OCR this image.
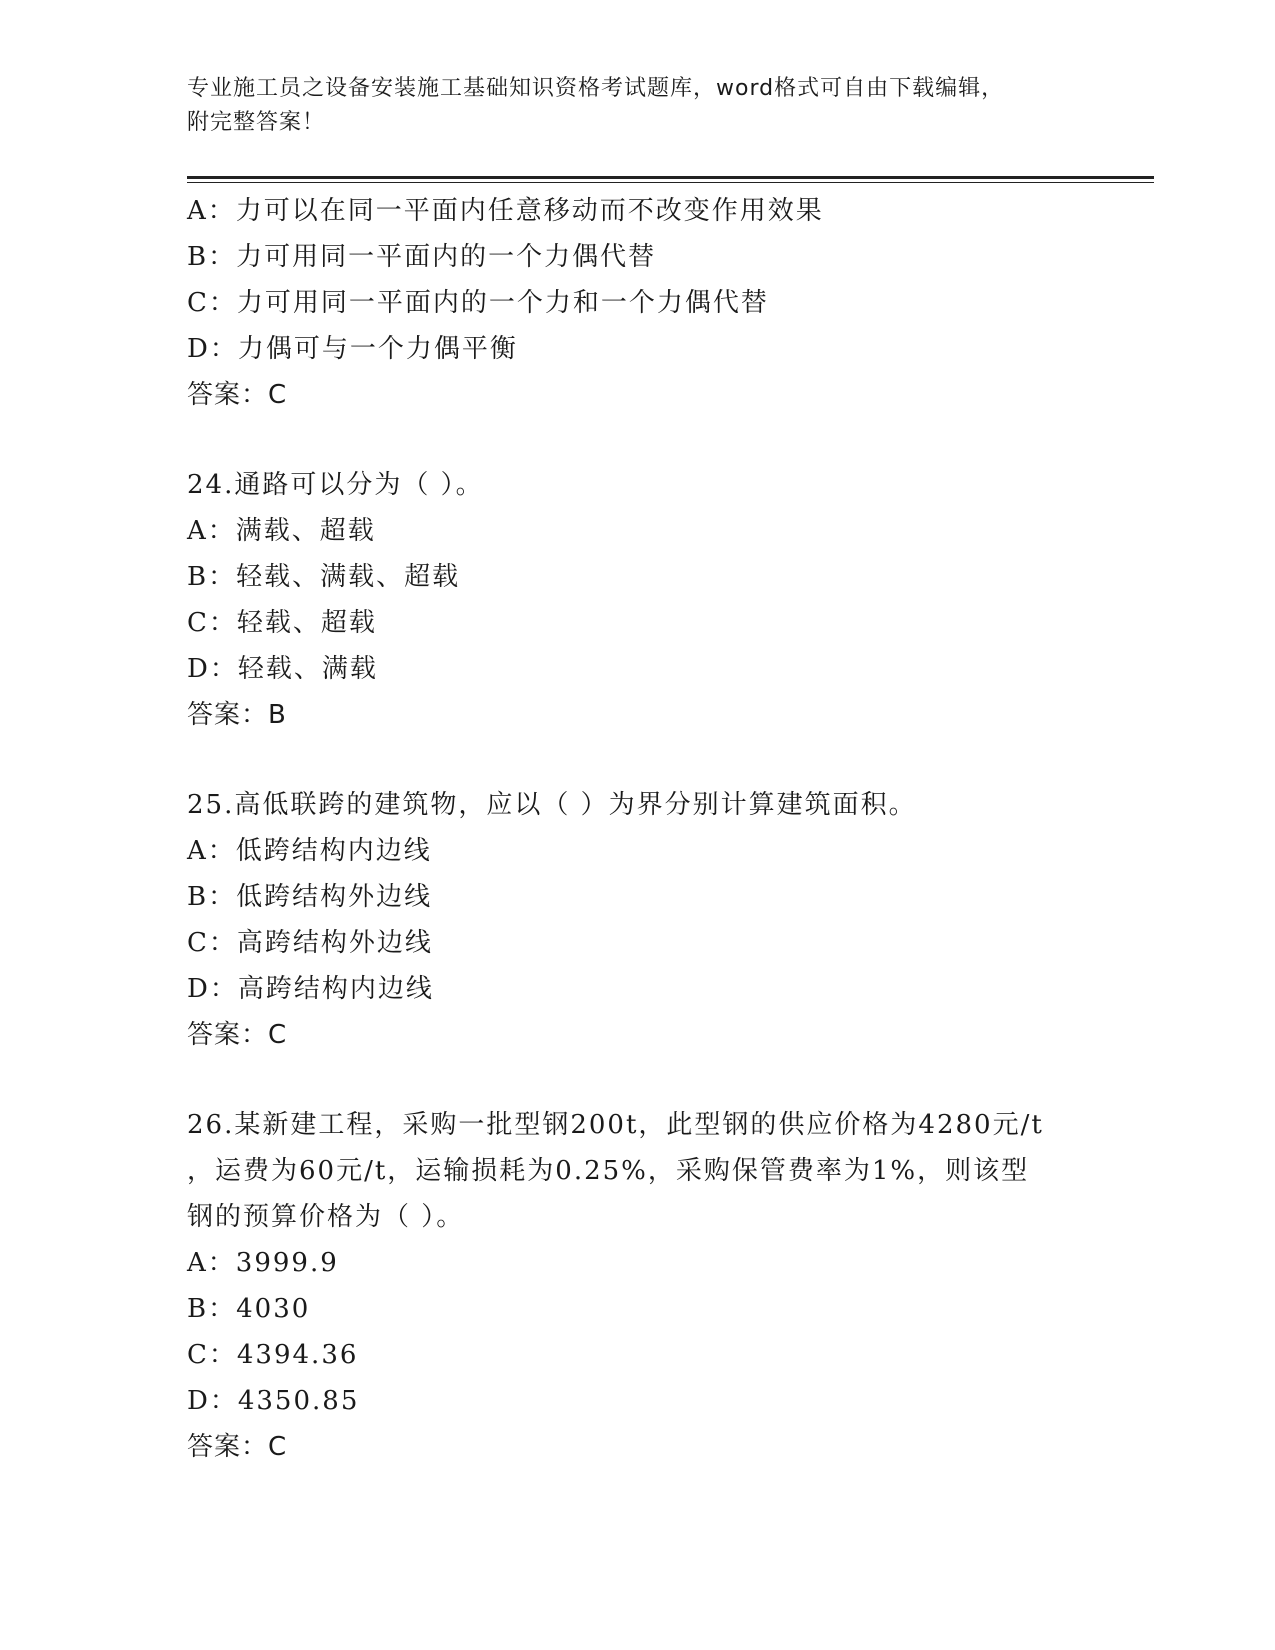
专业施工员之设备安装施工基础知识资格考试题库，word格式可自由下载编辑，
附完整答案！
A：力可以在同一平面内任意移动而不改变作用效果
B：力可用同一平面内的一个力偶代替
C：力可用同一平面内的一个力和一个力偶代替
D：力偶可与一个力偶平衡
答案：C
24.通路可以分为（ ）。
A：满载、超载
B：轻载、满载、超载
C：轻载、超载
D：轻载、满载
答案：B
25.高低联跨的建筑物，应以（ ）为界分别计算建筑面积。
A：低跨结构内边线
B：低跨结构外边线
C：高跨结构外边线
D：高跨结构内边线
答案：C
26.某新建工程，采购一批型钢200t，此型钢的供应价格为4280元/t
，运费为60元/t，运输损耗为0.25%，采购保管费率为1%，则该型
钢的预算价格为（ ）。
A：3999.9
B：4030
C：4394.36
D：4350.85
答案：C
